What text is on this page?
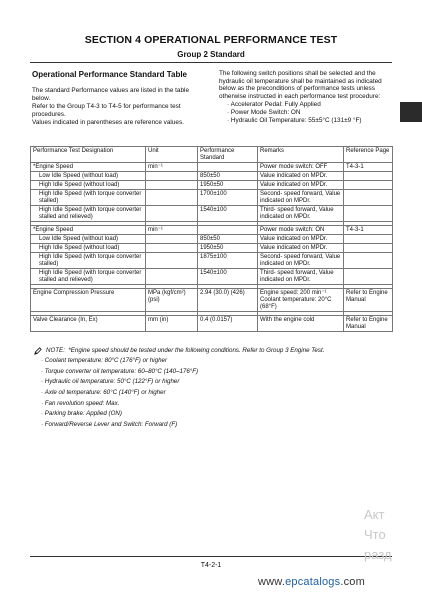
SECTION 4 OPERATIONAL PERFORMANCE TEST
Group 2 Standard
Operational Performance Standard Table

The standard Performance values are listed in the table below.

Refer to the Group T4-3 to T4-5 for performance test procedures.

Values indicated in parentheses are reference values.

The following switch positions shall be selected and the hydraulic oil temperature shall be maintained as indicated below as the preconditions of performance tests unless otherwise instructed in each performance test procedure:

· Accelerator Pedal: Fully Applied
· Power Mode Switch: ON
· Hydraulic Oil Temperature: 55±5°C (131±9 °F)
Performance Test Designation	Unit	Performance Standard	Remarks	Reference Page
*Engine Speed	min⁻¹		Power mode switch: OFF	T4-3-1
Low Idle Speed (without load)		850±50	Value indicated on MPDr.	
High Idle Speed (without load)		1950±50	Value indicated on MPDr.	
High Idle Speed (with torque converter stalled)		1700±100	Second- speed forward, Value indicated on MPDr.	
High Idle Speed (with torque converter stalled and relieved)		1540±100	Third- speed forward, Value indicated on MPDr.	

*Engine Speed	min⁻¹		Power mode switch: ON	T4-3-1
Low Idle Speed (without load)		850±50	Value indicated on MPDr.	
High Idle Speed (without load)		1950±50	Value indicated on MPDr.	
High Idle Speed (with torque converter stalled)		1875±100	Second- speed forward, Value indicated on MPDr.	
High Idle Speed (with torque converter stalled and relieved)		1540±100	Third- speed forward, Value indicated on MPDr.	

Engine Compression Pressure	MPa (kgf/cm²) (psi)	2.94 (30.0) (426)	Engine speed: 200 min⁻¹ Coolant temperature: 20°C (68°F)	Refer to Engine Manual

Valve Clearance (In, Ex)	mm (in)	0.4 (0.0157)	With the engine cold	Refer to Engine Manual
NOTE: *Engine speed should be tested under the following conditions. Refer to Group 3 Engine Test.
· Coolant temperature: 80°C (176°F) or higher
· Torque converter oil temperature: 60–80°C (140–176°F)
· Hydraulic oil temperature: 50°C (122°F) or higher
· Axle oil temperature: 60°C (140°F) or higher
· Fan revolution speed: Max.
· Parking brake: Applied (ON)
· Forward/Reverse Lever and Switch: Forward (F)
T4-2-1
www.epcatalogs.com
Акт
Что
разд
